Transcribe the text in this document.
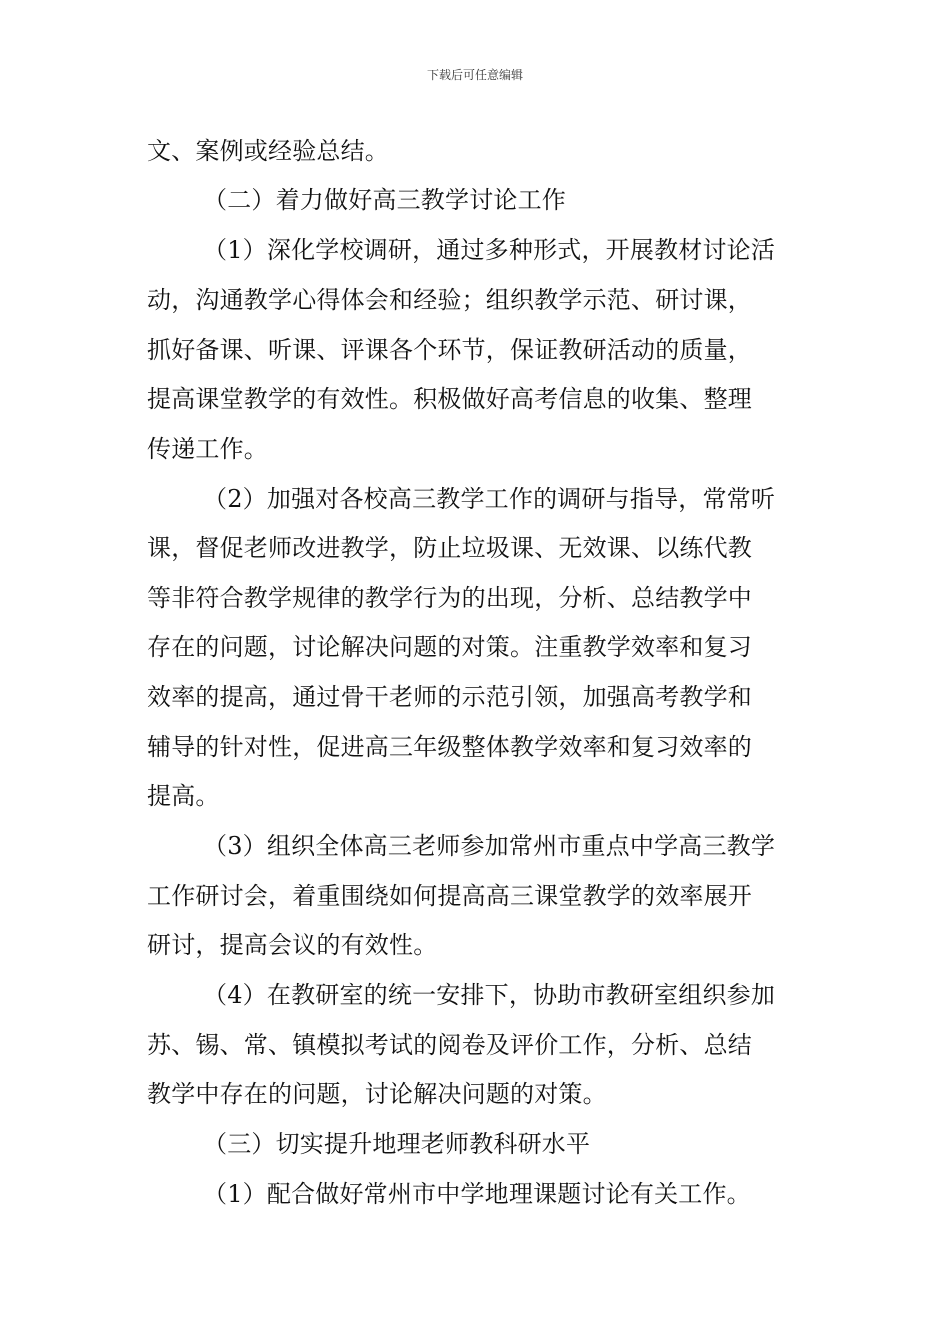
下载后可任意编辑
文、案例或经验总结。
（二）着力做好高三教学讨论工作
（1）深化学校调研，通过多种形式，开展教材讨论活
动，沟通教学心得体会和经验；组织教学示范、研讨课，
抓好备课、听课、评课各个环节，保证教研活动的质量，
提高课堂教学的有效性。积极做好高考信息的收集、整理
传递工作。
（2）加强对各校高三教学工作的调研与指导，常常听
课，督促老师改进教学，防止垃圾课、无效课、以练代教
等非符合教学规律的教学行为的出现，分析、总结教学中
存在的问题，讨论解决问题的对策。注重教学效率和复习
效率的提高，通过骨干老师的示范引领，加强高考教学和
辅导的针对性，促进高三年级整体教学效率和复习效率的
提高。
（3）组织全体高三老师参加常州市重点中学高三教学
工作研讨会，着重围绕如何提高高三课堂教学的效率展开
研讨，提高会议的有效性。
（4）在教研室的统一安排下，协助市教研室组织参加
苏、锡、常、镇模拟考试的阅卷及评价工作，分析、总结
教学中存在的问题，讨论解决问题的对策。
（三）切实提升地理老师教科研水平
（1）配合做好常州市中学地理课题讨论有关工作。
